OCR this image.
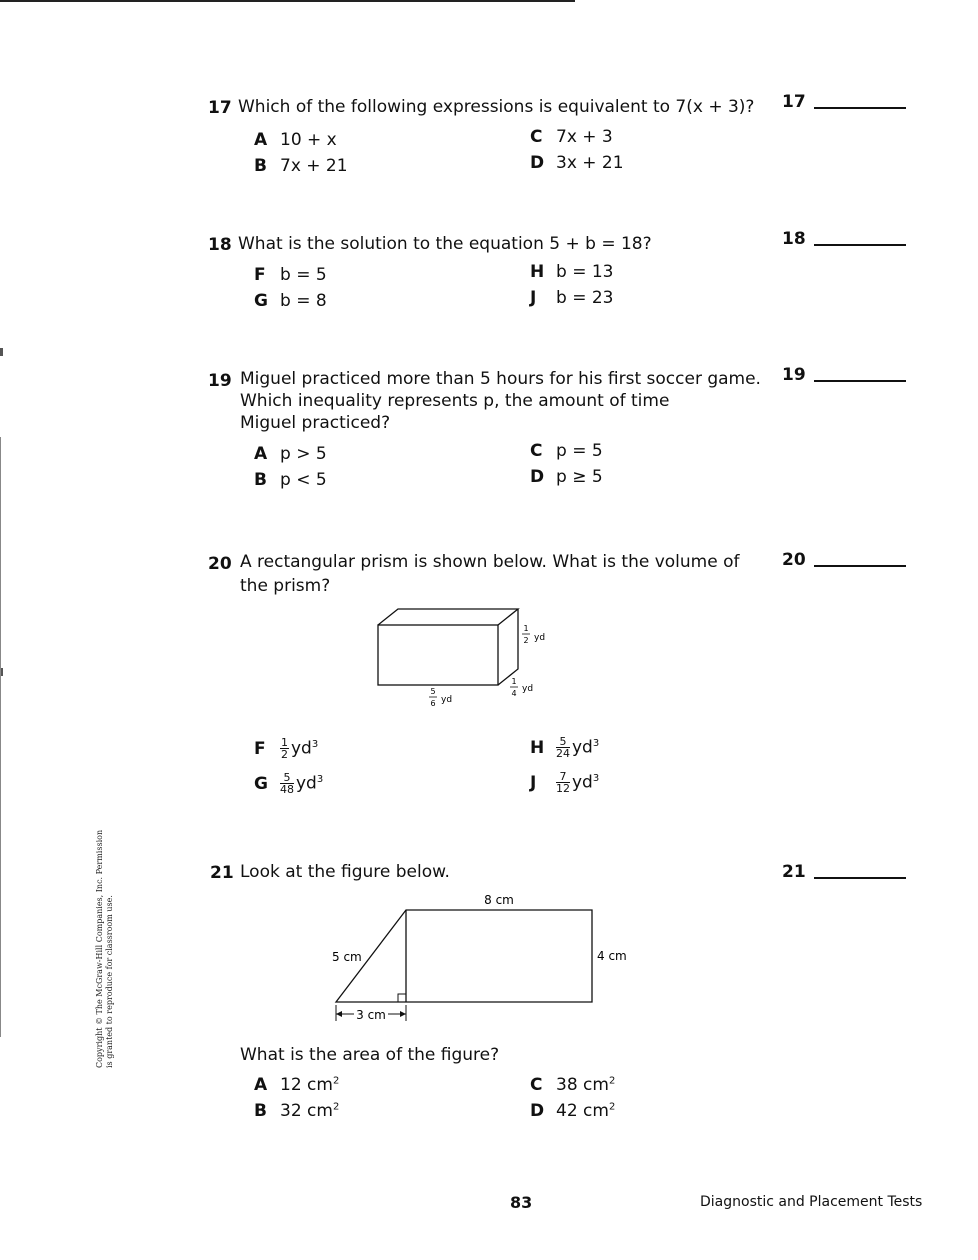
Copyright © The McGraw-Hill Companies, Inc. Permission is granted to reproduce for classroom use.
17 Which of the following expressions is equivalent to 7(x + 3)? 17
A 10 + x
B 7x + 21
C 7x + 3
D 3x + 21
18 What is the solution to the equation 5 + b = 18?	18
F b = 5
G b = 8
H b = 13
J b = 23
19 Miguel practiced more than 5 hours for his first soccer game.
Which inequality represents p, the amount of time
Miguel practiced?
19
A p > 5
B p < 5
C p = 5
D p ≥ 5
20 A rectangular prism is shown below. What is the volume of
the prism?
20
1
2 yd
1
4 yd
5
6 yd
F $\frac{1}{2} yd^3$
G $\frac{5}{48} yd^3$
H $\frac{5}{24} yd^3$
J $\frac{7}{12} yd^3$
21 Look at the figure below.	21
8 cm
4 cm
5 cm
3 cm
What is the area of the figure?
A 12 $cm^2$
B 32 $cm^2$
C 38 $cm^2$
D 42 $cm^2$
83	Diagnostic and Placement Tests
